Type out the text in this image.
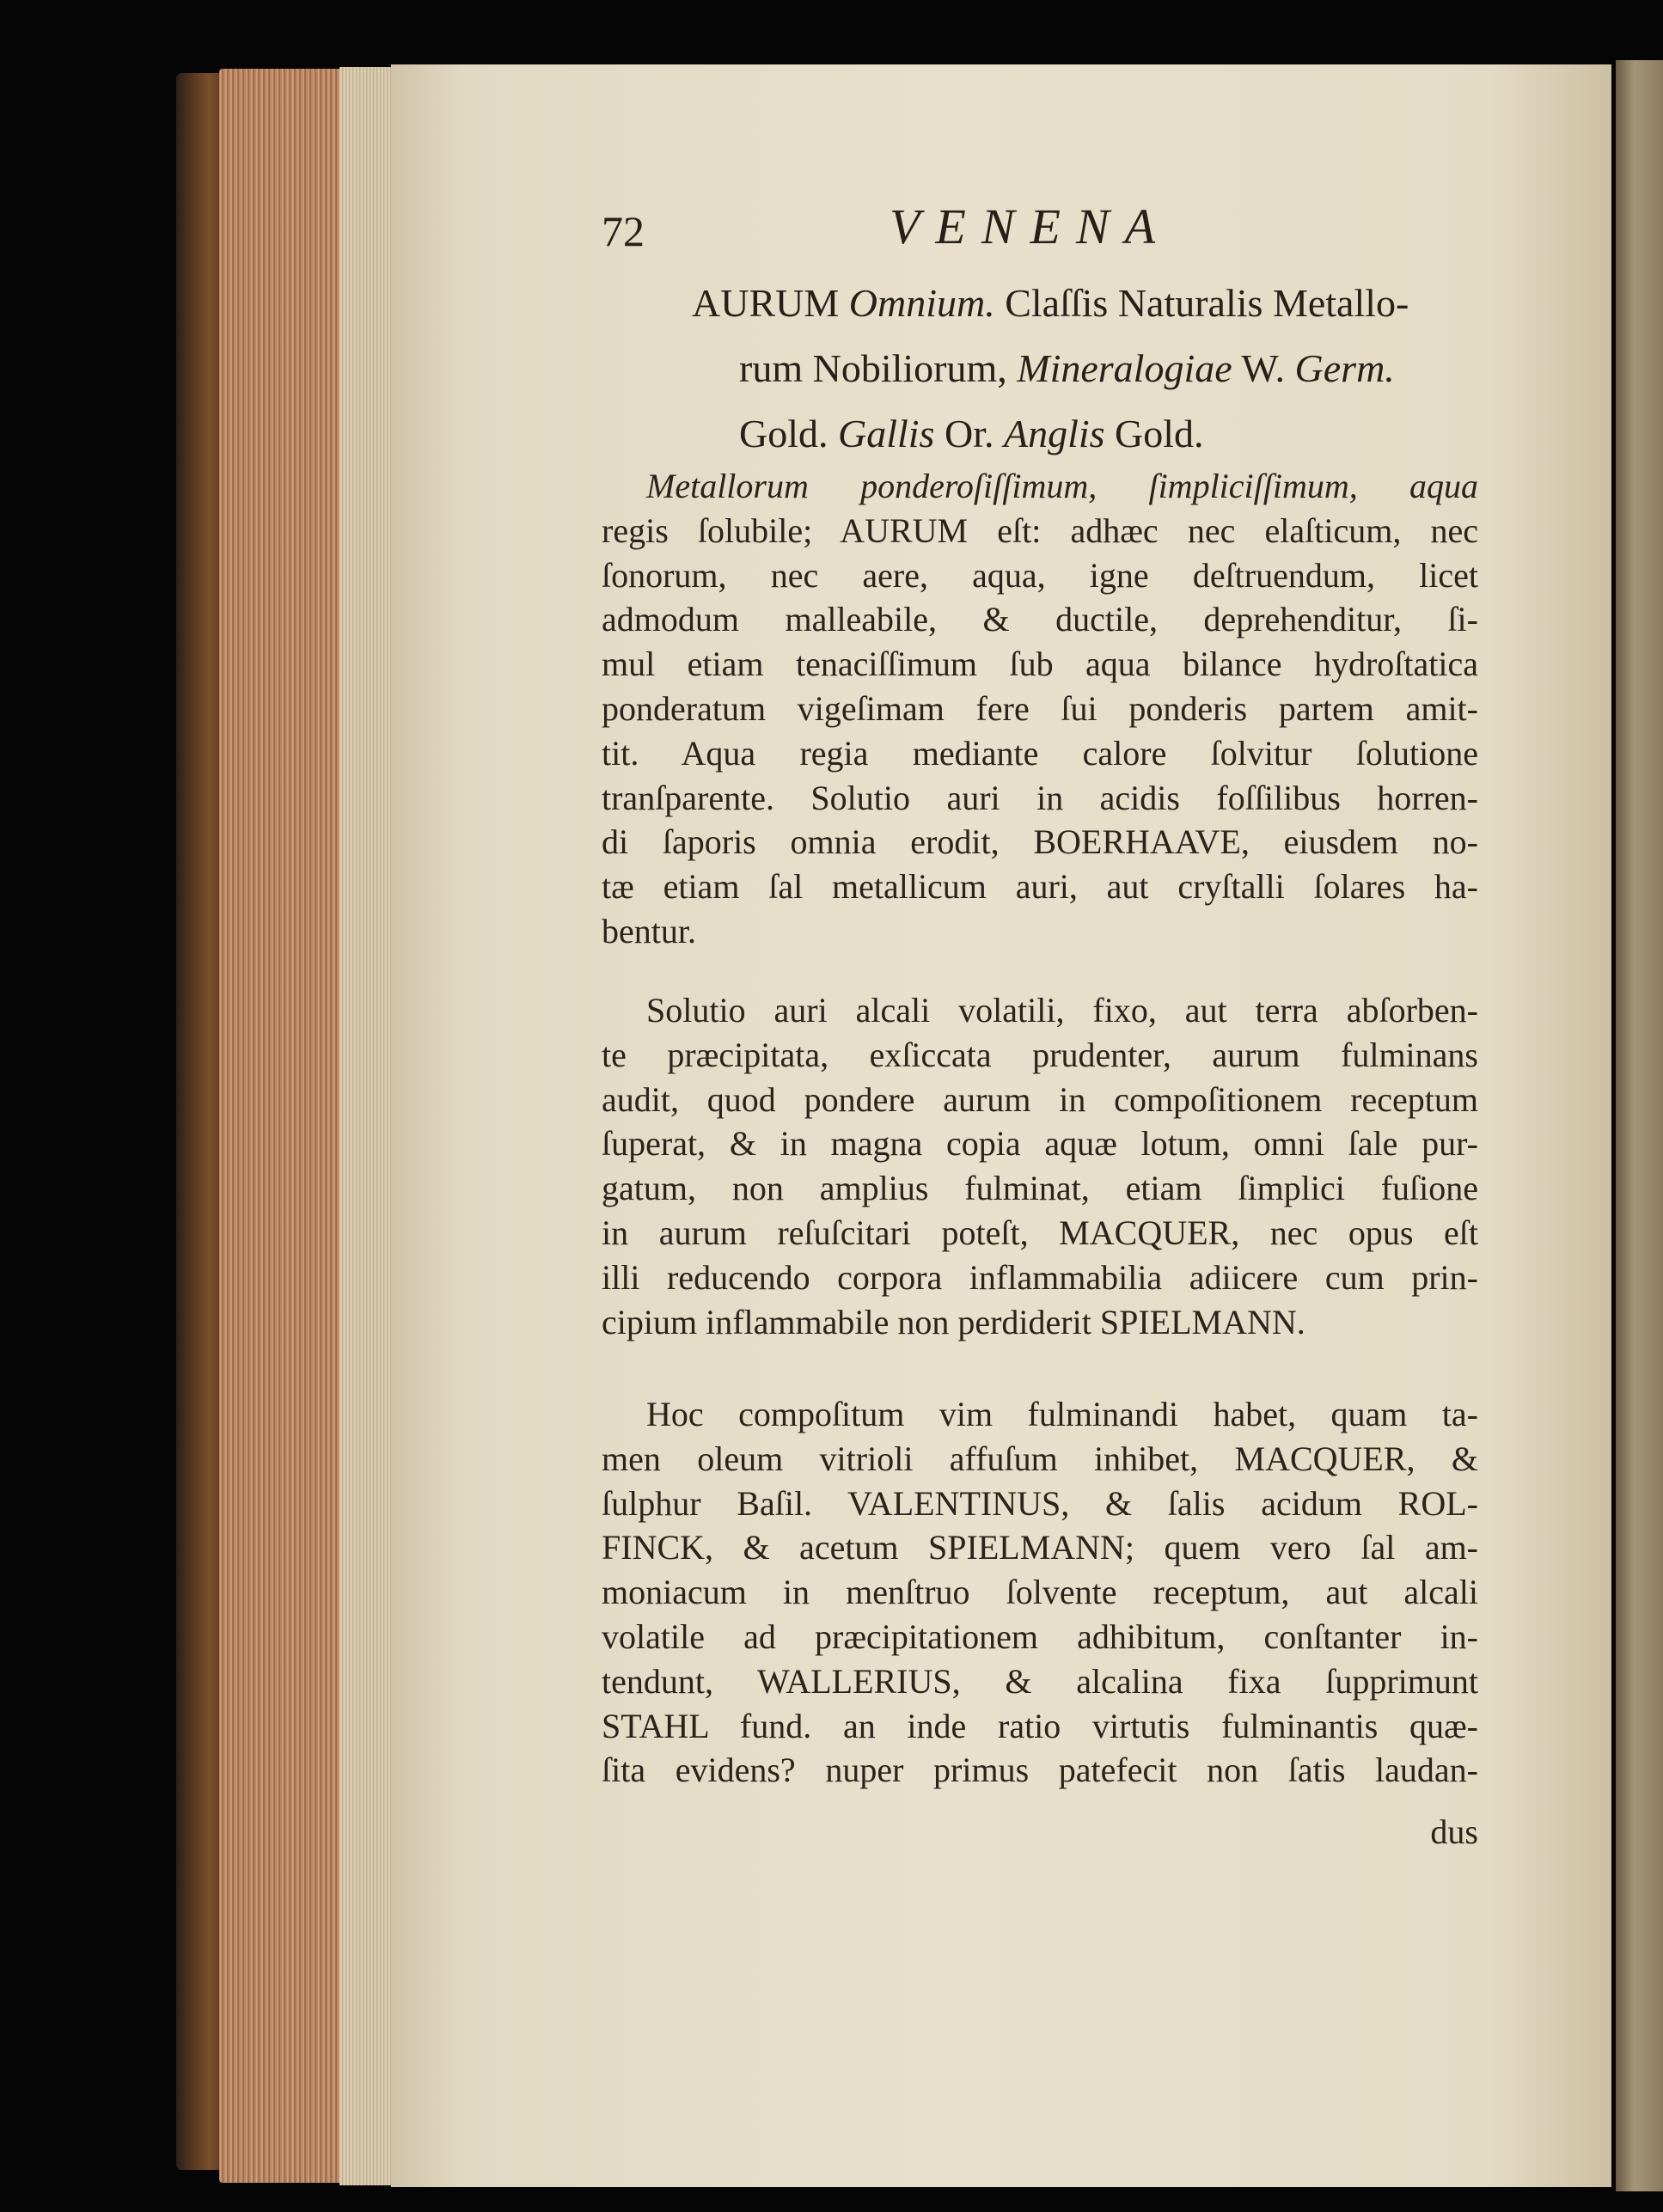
72	VENENA
AURUM Omnium. Claſſis Naturalis Metallo-
rum Nobiliorum, Mineralogiae W. Germ.
Gold. Gallis Or. Anglis Gold.
Metallorum ponderoſiſſimum, ſimpliciſſimum, aqua
regis ſolubile; AURUM eſt: adhæc nec elaſticum, nec
ſonorum, nec aere, aqua, igne deſtruendum, licet
admodum malleabile, & ductile, deprehenditur, ſi-
mul etiam tenaciſſimum ſub aqua bilance hydroſtatica
ponderatum vigeſimam fere ſui ponderis partem amit-
tit. Aqua regia mediante calore ſolvitur ſolutione
tranſparente. Solutio auri in acidis foſſilibus horren-
di ſaporis omnia erodit, BOERHAAVE, eiusdem no-
tæ etiam ſal metallicum auri, aut cryſtalli ſolares ha-
bentur.
Solutio auri alcali volatili, fixo, aut terra abſorben-
te præcipitata, exſiccata prudenter, aurum fulminans
audit, quod pondere aurum in compoſitionem receptum
ſuperat, & in magna copia aquæ lotum, omni ſale pur-
gatum, non amplius fulminat, etiam ſimplici fuſione
in aurum reſuſcitari poteſt, MACQUER, nec opus eſt
illi reducendo corpora inflammabilia adiicere cum prin-
cipium inflammabile non perdiderit SPIELMANN.
Hoc compoſitum vim fulminandi habet, quam ta-
men oleum vitrioli affuſum inhibet, MACQUER, &
ſulphur Baſil. VALENTINUS, & ſalis acidum ROL-
FINCK, & acetum SPIELMANN; quem vero ſal am-
moniacum in menſtruo ſolvente receptum, aut alcali
volatile ad præcipitationem adhibitum, conſtanter in-
tendunt, WALLERIUS, & alcalina fixa ſupprimunt
STAHL fund. an inde ratio virtutis fulminantis quæ-
ſita evidens? nuper primus patefecit non ſatis laudan-
dus
